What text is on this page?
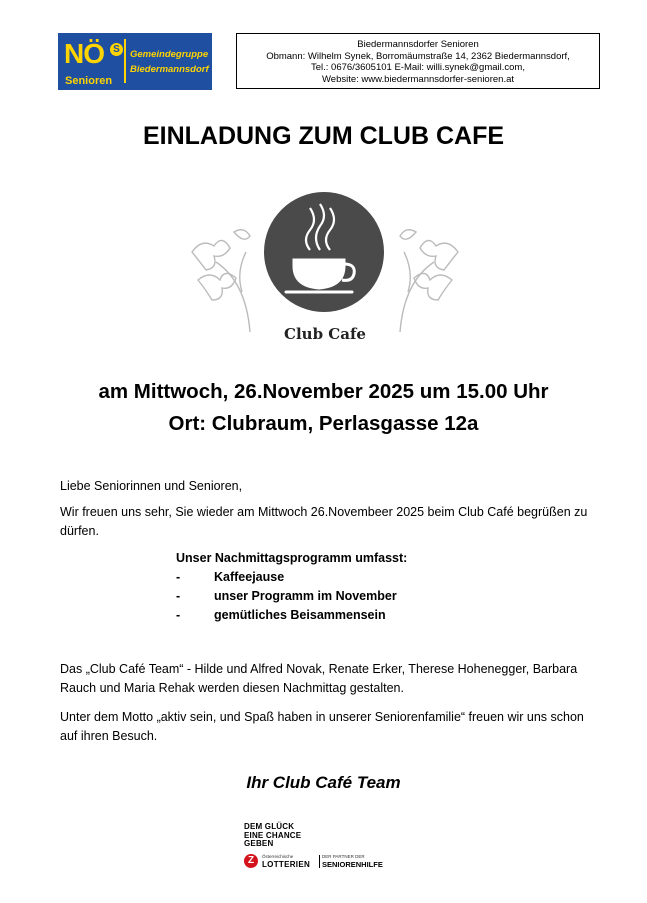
NÖ S
Senioren
Gemeindegruppe
Biedermannsdorf
Biedermannsdorfer Senioren
Obmann: Wilhelm Synek, Borromäumstraße 14, 2362 Biedermannsdorf,
Tel.: 0676/3605101 E-Mail: willi.synek@gmail.com,
Website: www.biedermannsdorfer-senioren.at
EINLADUNG ZUM CLUB CAFE
Club Cafe
am Mittwoch, 26.November 2025 um 15.00 Uhr
Ort: Clubraum, Perlasgasse 12a
Liebe Seniorinnen und Senioren,
Wir freuen uns sehr, Sie wieder am Mittwoch 26.Novembeer 2025 beim Club Café begrüßen zu dürfen.
Unser Nachmittagsprogramm umfasst:
-	Kaffeejause
-	unser Programm im November
-	gemütliches Beisammensein
Das „Club Café Team“ - Hilde und Alfred Novak, Renate Erker, Therese Hohenegger, Barbara Rauch und Maria Rehak werden diesen Nachmittag gestalten.
Unter dem Motto „aktiv sein, und Spaß haben in unserer Seniorenfamilie“ freuen wir uns schon auf ihren Besuch.
Ihr Club Café Team
DEM GLÜCK
EINE CHANCE
GEBEN
Z	Österreichische
LOTTERIEN
DER PARTNER DER
SENIORENHILFE
